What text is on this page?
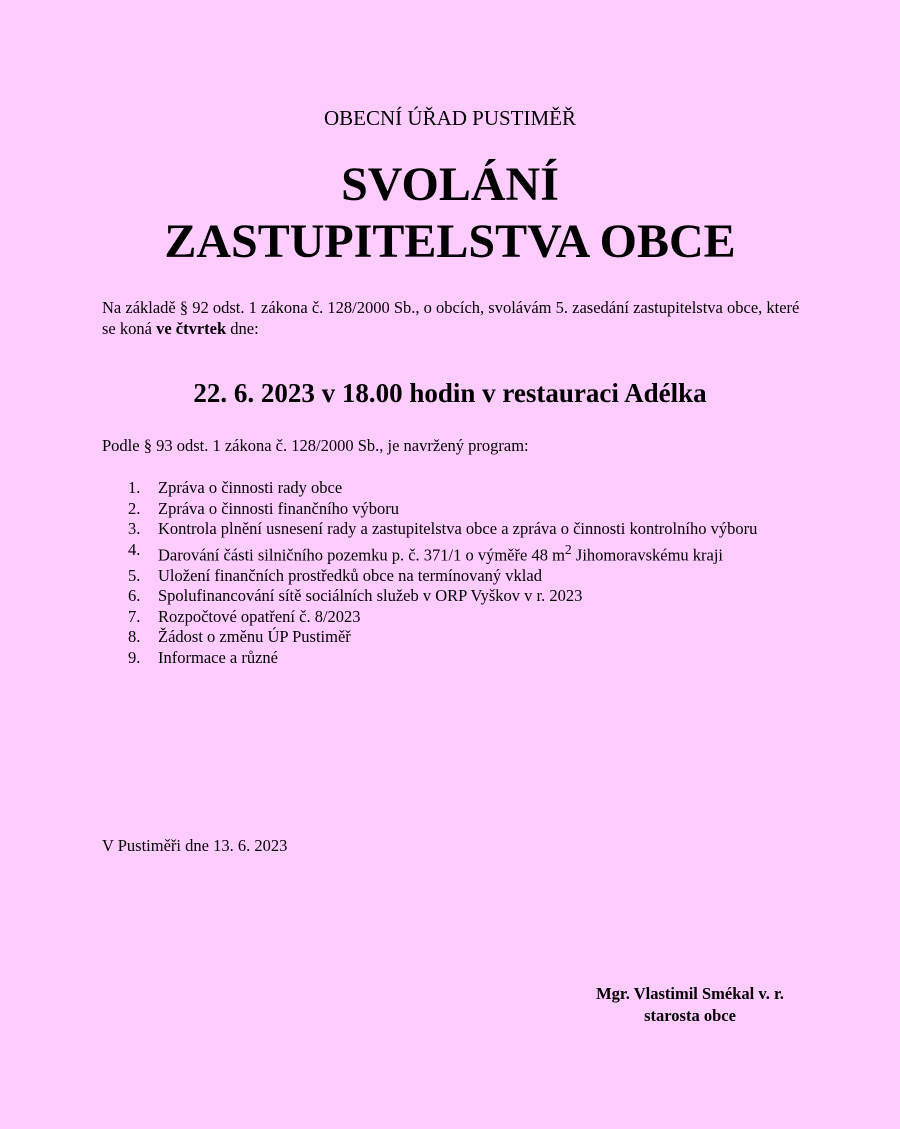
OBECNÍ ÚŘAD PUSTIMĚŘ
SVOLÁNÍ
ZASTUPITELSTVA OBCE
Na základě § 92 odst. 1 zákona č. 128/2000 Sb., o obcích, svolávám 5. zasedání zastupitelstva obce, které se koná ve čtvrtek dne:
22. 6. 2023 v 18.00 hodin v restauraci Adélka
Podle § 93 odst. 1 zákona č. 128/2000 Sb., je navržený program:
1. Zpráva o činnosti rady obce
2. Zpráva o činnosti finančního výboru
3. Kontrola plnění usnesení rady a zastupitelstva obce a zpráva o činnosti kontrolního výboru
4. Darování části silničního pozemku p. č. 371/1 o výměře 48 $m^2$ Jihomoravskému kraji
5. Uložení finančních prostředků obce na termínovaný vklad
6. Spolufinancování sítě sociálních služeb v ORP Vyškov v r. 2023
7. Rozpočtové opatření č. 8/2023
8. Žádost o změnu ÚP Pustiměř
9. Informace a různé
V Pustiměři dne 13. 6. 2023
Mgr. Vlastimil Smékal v. r.
starosta obce
